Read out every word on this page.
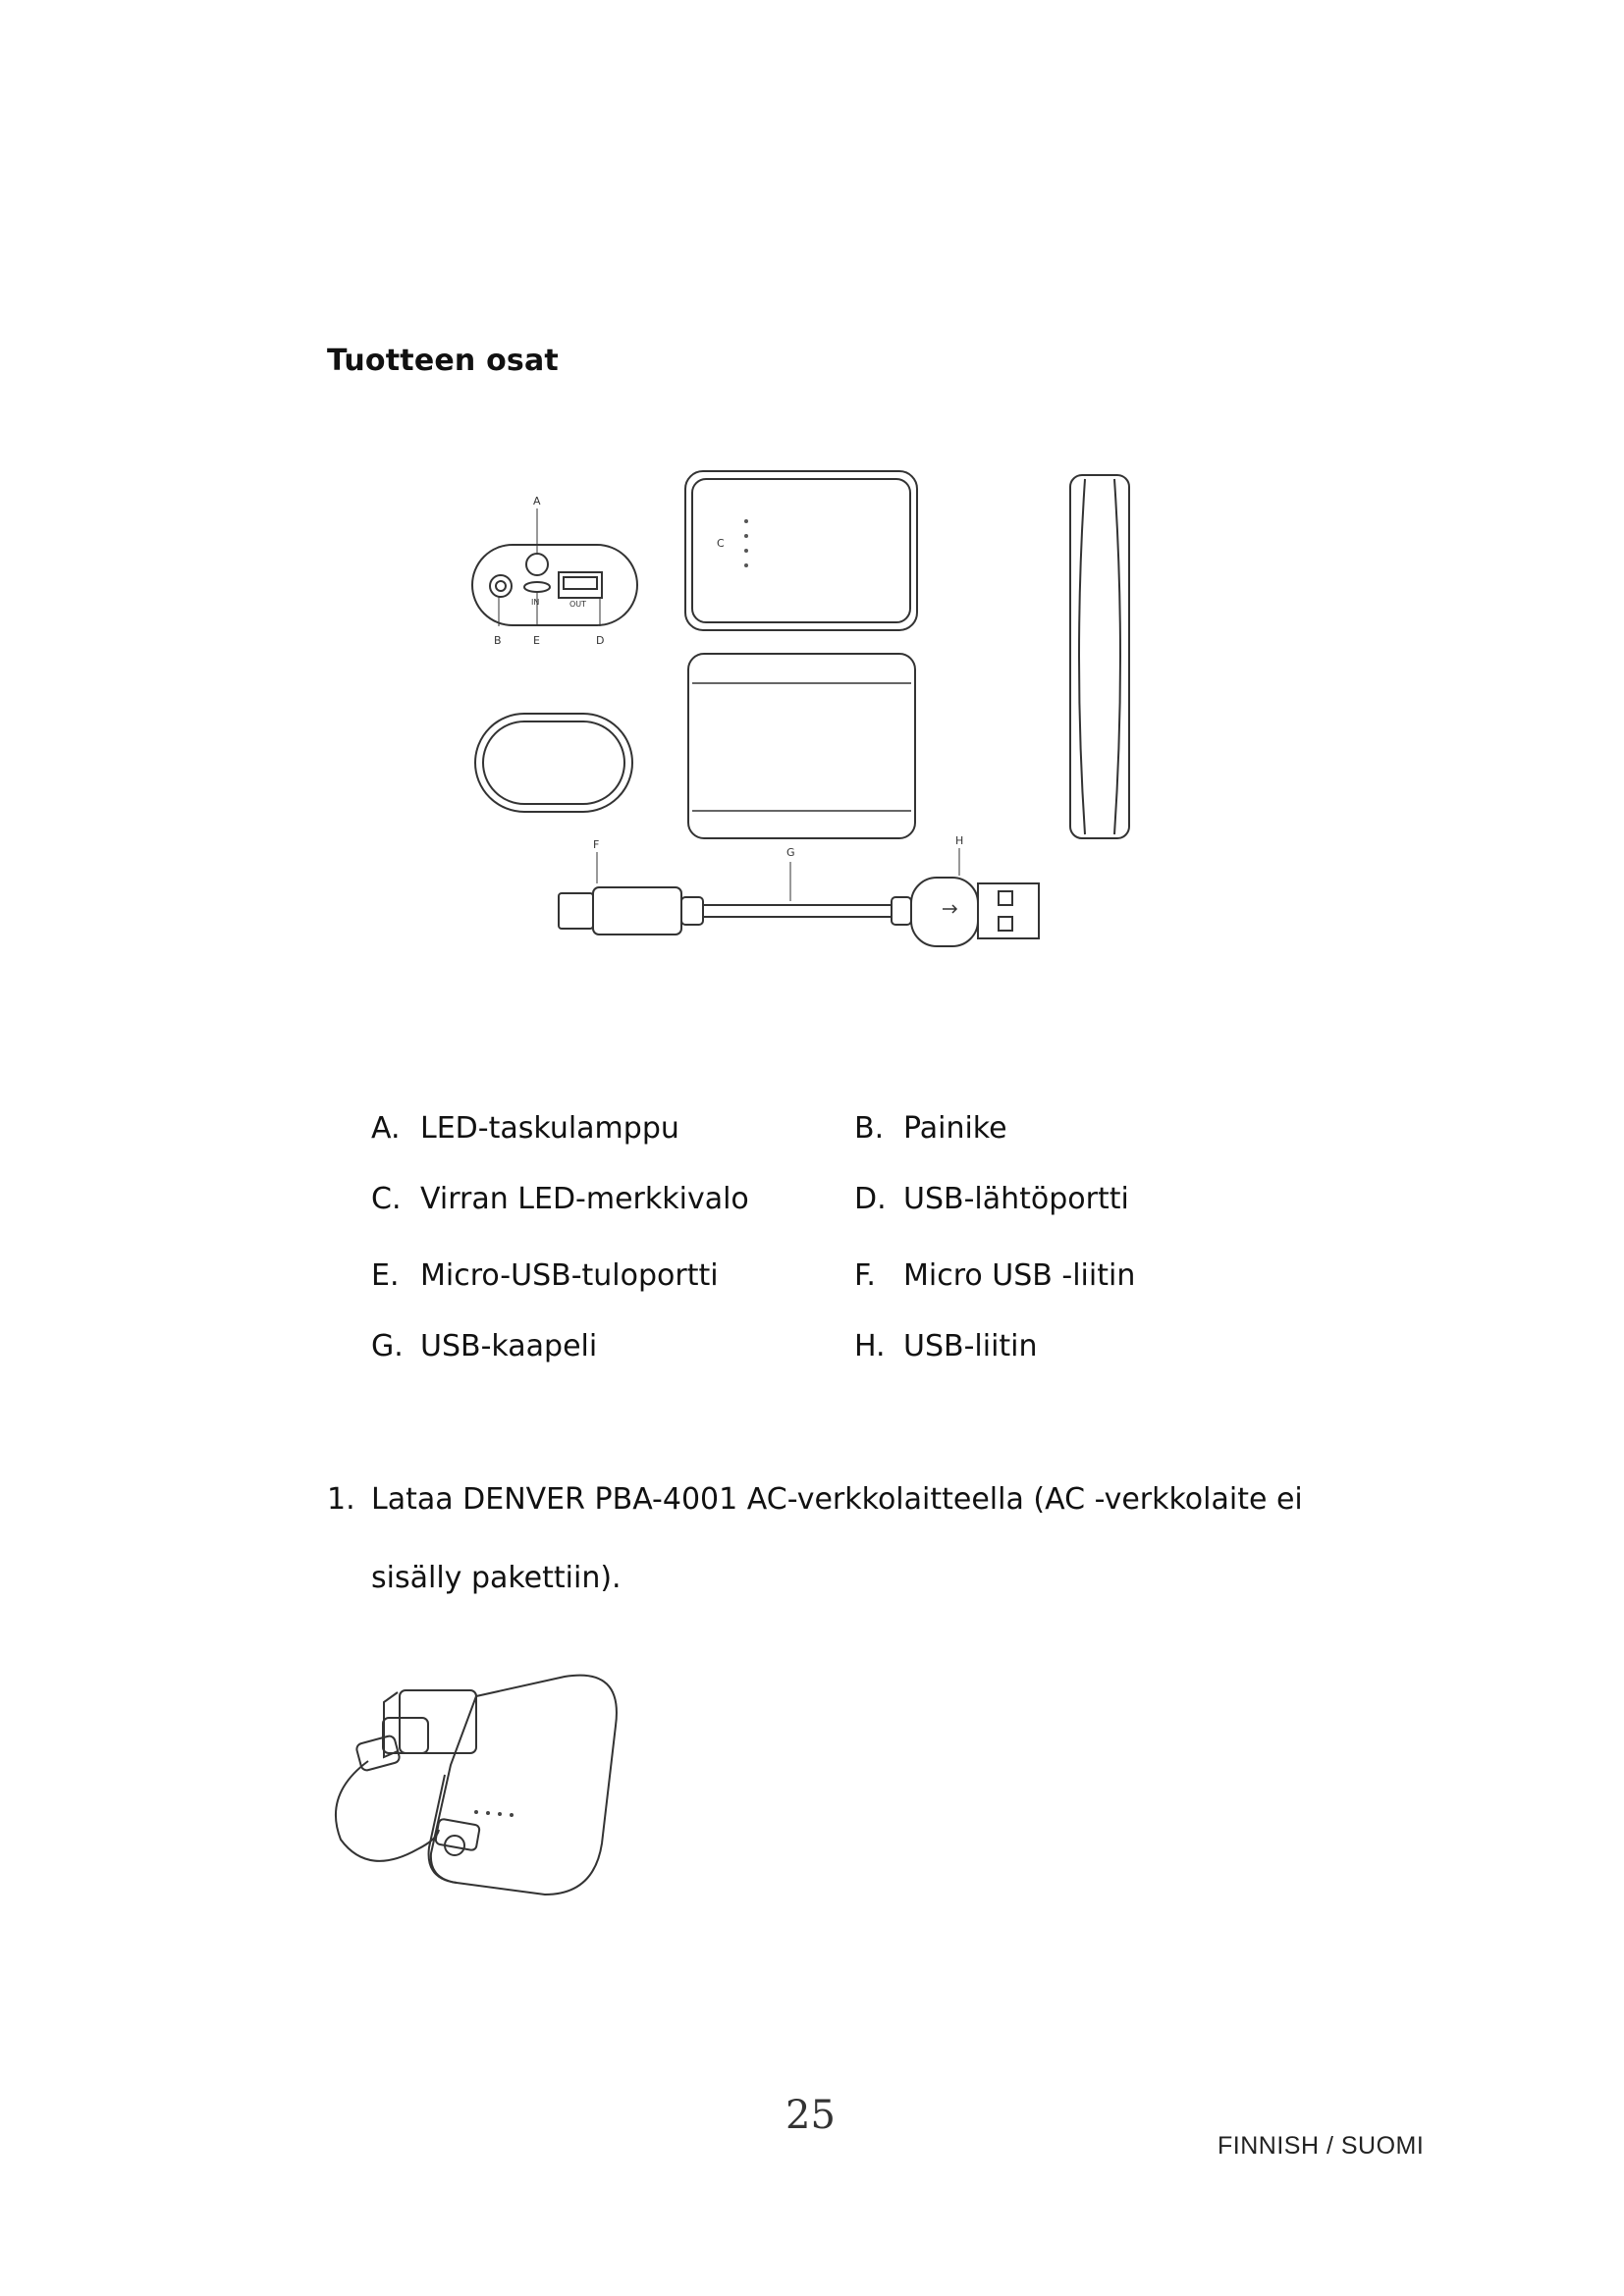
Tuotteen osat
A
B	E	D
C
F
G
H
IN	OUT
A. LED-taskulamppu	B. Painike
C. Virran LED-merkkivalo	D. USB-lähtöportti
E. Micro-USB-tuloportti	F. Micro USB -liitin
G. USB-kaapeli	H. USB-liitin
1. Lataa DENVER PBA-4001 AC-verkkolaitteella (AC -verkkolaite ei sisälly pakettiin).
25
FINNISH / SUOMI
